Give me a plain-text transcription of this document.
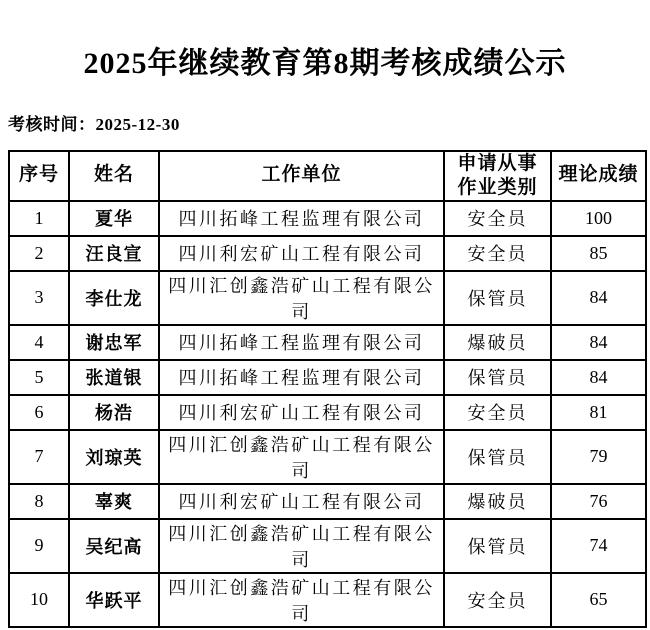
2025年继续教育第8期考核成绩公示

考核时间：2025-12-30

序号	姓名	工作单位	申请从事作业类别	理论成绩
1	夏华	四川拓峰工程监理有限公司	安全员	100
2	汪良宣	四川利宏矿山工程有限公司	安全员	85
3	李仕龙	四川汇创鑫浩矿山工程有限公司	保管员	84
4	谢忠军	四川拓峰工程监理有限公司	爆破员	84
5	张道银	四川拓峰工程监理有限公司	保管员	84
6	杨浩	四川利宏矿山工程有限公司	安全员	81
7	刘琼英	四川汇创鑫浩矿山工程有限公司	保管员	79
8	辜爽	四川利宏矿山工程有限公司	爆破员	76
9	吴纪高	四川汇创鑫浩矿山工程有限公司	保管员	74
10	华跃平	四川汇创鑫浩矿山工程有限公司	安全员	65
